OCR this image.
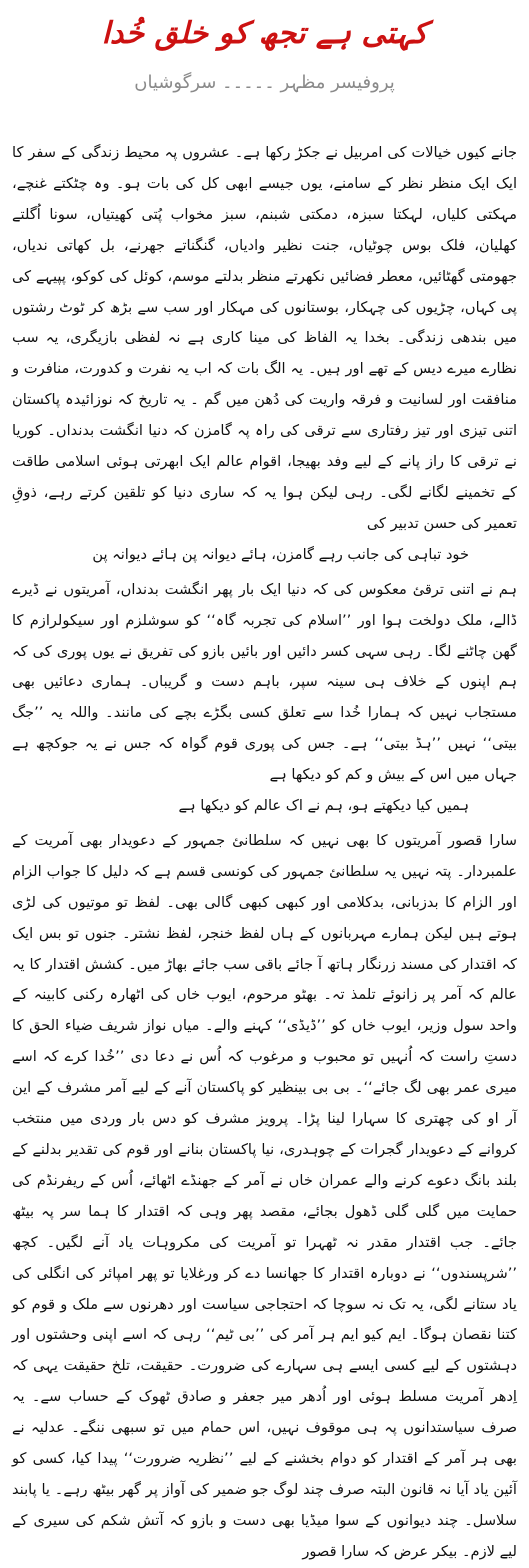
کہتی ہے تجھ کو خلق خُدا
پروفیسر مظہر ۔۔۔۔۔ سرگوشیاں

جانے کیوں خیالات کی امربیل نے جکڑ رکھا ہے۔ عشروں پہ محیط زندگی کے سفر کا ایک ایک منظر نظر کے سامنے، یوں جیسے ابھی کل کی بات ہو۔ وہ چٹکتے غنچے، مہکتی کلیاں، لہکتا سبزہ، دمکتی شبنم، سبز مخواب پُتی کھیتیاں، سونا اُگلتے کھلیان، فلک بوس چوٹیاں، جنت نظیر وادیاں، گنگناتے جھرنے، بل کھاتی ندیاں، جھومتی گھٹائیں، معطر فضائیں نکھرتے منظر بدلتے موسم، کوئل کی کوکو، پپیہے کی پی کہاں، چڑیوں کی چہکار، بوستانوں کی مہکار اور سب سے بڑھ کر ٹوٹ رشتوں میں بندھی زندگی۔ بخدا یہ الفاظ کی مینا کاری ہے نہ لفظی بازیگری، یہ سب نظارے میرے دیس کے تھے اور ہیں۔ یہ الگ بات کہ اب یہ نفرت و کدورت، منافرت و منافقت اور لسانیت و فرقہ واریت کی دُھن میں گم ۔ یہ تاریخ کہ نوزائیدہ پاکستان اتنی تیزی اور تیز رفتاری سے ترقی کی راہ پہ گامزن کہ دنیا انگشت بدنداں۔ کوریا نے ترقی کا راز پانے کے لیے وفد بھیجا، اقوام عالم ایک ابھرتی ہوئی اسلامی طاقت کے تخمینے لگانے لگی۔ رہی لیکن ہوا یہ کہ ساری دنیا کو تلقین کرتے رہے، ذوقِ تعمیر کی حسن تدبیر کی

خود تباہی کی جانب رہے گامزن، ہائے دیوانہ پن ہائے دیوانہ پن

ہم نے اتنی ترقئ معکوس کی کہ دنیا ایک بار پھر انگشت بدنداں، آمریتوں نے ڈیرے ڈالے، ملک دولخت ہوا اور ’’اسلام کی تجربہ گاہ‘‘ کو سوشلزم اور سیکولرازم کا گھن چاٹنے لگا۔ رہی سہی کسر دائیں اور بائیں بازو کی تفریق نے یوں پوری کی کہ ہم اپنوں کے خلاف ہی سینہ سپر، باہم دست و گریباں۔ ہماری دعائیں بھی مستجاب نہیں کہ ہمارا خُدا سے تعلق کسی بگڑے بچے کی مانند۔ واللہ یہ ’’جگ بیتی‘‘ نہیں ’’ہڈ بیتی‘‘ ہے۔ جس کی پوری قوم گواہ کہ جس نے یہ جوکچھ ہے جہاں میں اس کے بیش و کم کو دیکھا ہے

ہمیں کیا دیکھتے ہو، ہم نے اک عالم کو دیکھا ہے

سارا قصور آمریتوں کا بھی نہیں کہ سلطانئ جمہور کے دعویدار بھی آمریت کے علمبردار۔ پتہ نہیں یہ سلطانئ جمہور کی کونسی قسم ہے کہ دلیل کا جواب الزام اور الزام کا بدزبانی، بدکلامی اور کبھی کبھی گالی بھی۔ لفظ تو موتیوں کی لڑی ہوتے ہیں لیکن ہمارے مہربانوں کے ہاں لفظ خنجر، لفظ نشتر۔ جنوں تو بس ایک کہ اقتدار کی مسند زرنگار ہاتھ آ جائے باقی سب جائے بھاڑ میں۔ کشش اقتدار کا یہ عالم کہ آمر پر زانوئے تلمذ تہ۔ بھٹو مرحوم، ایوب خاں کی اٹھارہ رکنی کابینہ کے واحد سول وزیر، ایوب خاں کو ’’ڈیڈی‘‘ کہنے والے۔ میاں نواز شریف ضیاء الحق کا دستِ راست کہ اُنہیں تو محبوب و مرغوب کہ اُس نے دعا دی ’’خُدا کرے کہ اسے میری عمر بھی لگ جائے‘‘۔ بی بی بینظیر کو پاکستان آنے کے لیے آمر مشرف کے این آر او کی چھتری کا سہارا لینا پڑا۔ پرویز مشرف کو دس بار وردی میں منتخب کروانے کے دعویدار گجرات کے چوہدری، نیا پاکستان بنانے اور قوم کی تقدیر بدلنے کے بلند بانگ دعوے کرنے والے عمران خاں نے آمر کے جھنڈے اٹھائے، اُس کے ریفرنڈم کی حمایت میں گلی گلی ڈھول بجائے، مقصد پھر وہی کہ اقتدار کا ہما سر پہ بیٹھ جائے۔ جب اقتدار مقدر نہ ٹھہرا تو آمریت کی مکروہات یاد آنے لگیں۔ کچھ ’’شرپسندوں‘‘ نے دوبارہ اقتدار کا جھانسا دے کر ورغلایا تو پھر امپائر کی انگلی کی یاد ستانے لگی، یہ تک نہ سوچا کہ احتجاجی سیاست اور دھرنوں سے ملک و قوم کو کتنا نقصان ہوگا۔ ایم کیو ایم ہر آمر کی ’’بی ٹیم‘‘ رہی کہ اسے اپنی وحشتوں اور دہشتوں کے لیے کسی ایسے ہی سہارے کی ضرورت۔ حقیقت، تلخ حقیقت یہی کہ اِدھر آمریت مسلط ہوئی اور اُدھر میر جعفر و صادق ٹھوک کے حساب سے۔ یہ صرف سیاستدانوں پہ ہی موقوف نہیں، اس حمام میں تو سبھی ننگے۔ عدلیہ نے بھی ہر آمر کے اقتدار کو دوام بخشنے کے لیے ’’نظریہ ضرورت‘‘ پیدا کیا، کسی کو آئین یاد آیا نہ قانون البتہ صرف چند لوگ جو ضمیر کی آواز پر گھر بیٹھ رہے۔ یا پابند سلاسل۔ چند دیوانوں کے سوا میڈیا بھی دست و بازو کہ آتش شکم کی سیری کے لیے لازم۔ بیکر عرض کہ سارا قصور
